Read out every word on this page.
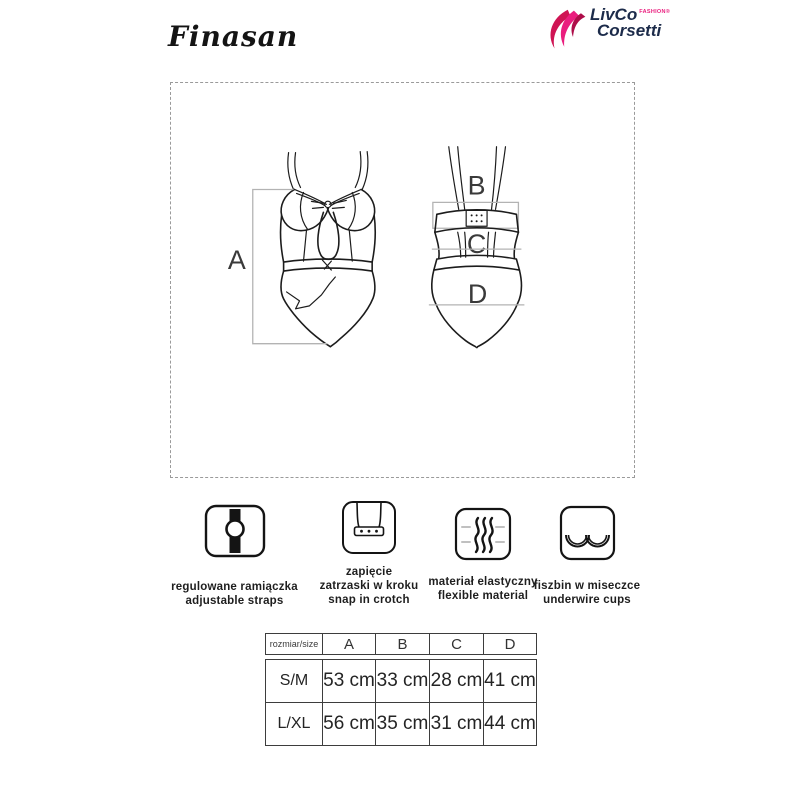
Finasan
LivCo FASHION®
Corsetti
A
B
C
D
regulowane ramiączka
adjustable straps
zapięcie
zatrzaski w kroku
snap in crotch
materiał elastyczny
flexible material
fiszbin w miseczce
underwire cups
rozmiar/size	A	B	C	D
S/M	53 cm	33 cm	28 cm	41 cm
L/XL	56 cm	35 cm	31 cm	44 cm
